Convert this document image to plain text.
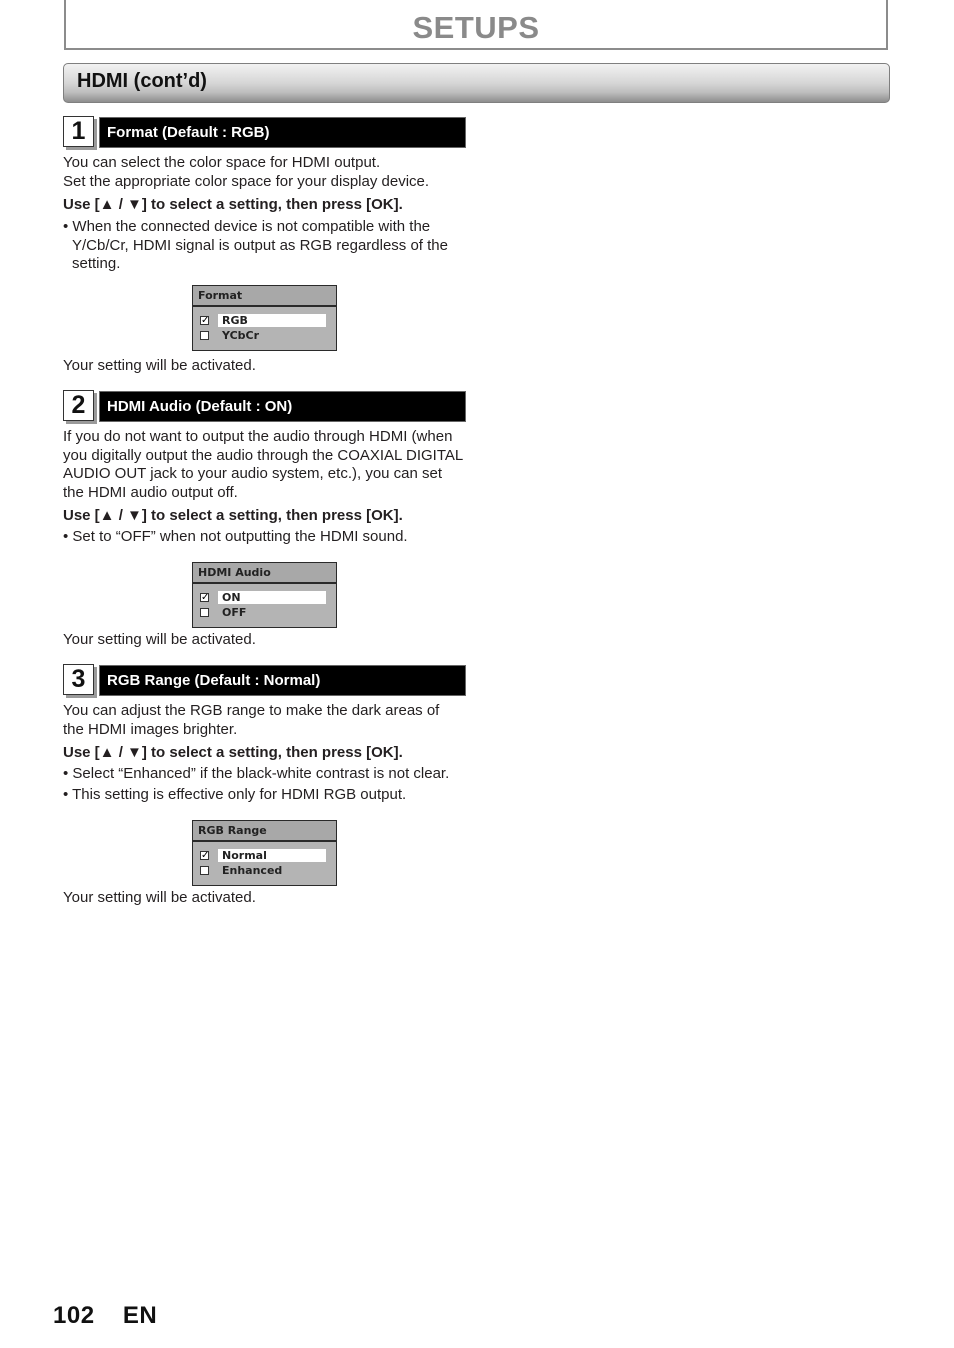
SETUPS
HDMI (cont’d)
1	Format (Default : RGB)
You can select the color space for HDMI output.
Set the appropriate color space for your display device.
Use [▲ / ▼] to select a setting, then press [OK].
• When the connected device is not compatible with the Y/Cb/Cr, HDMI signal is output as RGB regardless of the setting.
Format
✓	RGB
YCbCr
Your setting will be activated.
2	HDMI Audio (Default : ON)
If you do not want to output the audio through HDMI (when you digitally output the audio through the COAXIAL DIGITAL AUDIO OUT jack to your audio system, etc.), you can set the HDMI audio output off.
Use [▲ / ▼] to select a setting, then press [OK].
• Set to “OFF” when not outputting the HDMI sound.
HDMI Audio
✓	ON
OFF
Your setting will be activated.
3	RGB Range (Default : Normal)
You can adjust the RGB range to make the dark areas of the HDMI images brighter.
Use [▲ / ▼] to select a setting, then press [OK].
• Select “Enhanced” if the black-white contrast is not clear.
• This setting is effective only for HDMI RGB output.
RGB Range
✓	Normal
Enhanced
Your setting will be activated.
102 EN
